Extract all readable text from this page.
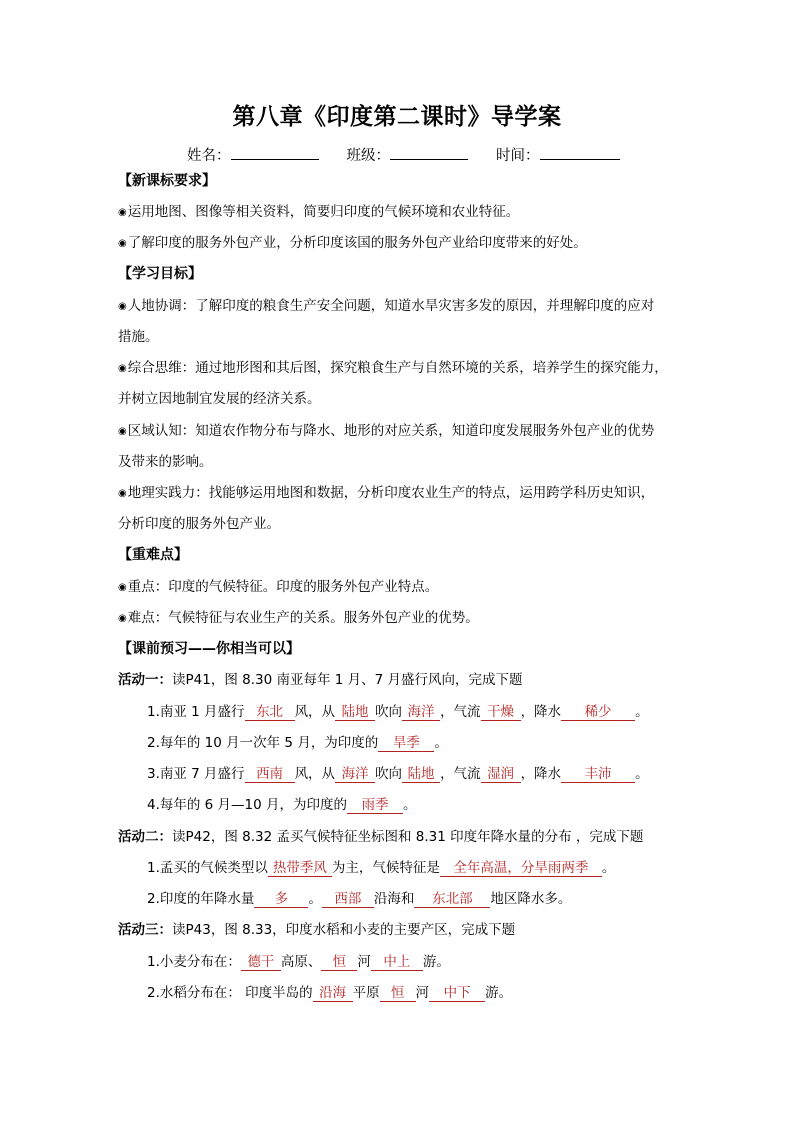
第八章《印度第二课时》导学案
姓名：	班级：	时间：
【新课标要求】
◉运用地图、图像等相关资料，简要归印度的气候环境和农业特征。
◉了解印度的服务外包产业，分析印度该国的服务外包产业给印度带来的好处。
【学习目标】
◉人地协调：了解印度的粮食生产安全问题，知道水旱灾害多发的原因，并理解印度的应对
措施。
◉综合思维：通过地形图和其后图，探究粮食生产与自然环境的关系，培养学生的探究能力，
并树立因地制宜发展的经济关系。
◉区域认知：知道农作物分布与降水、地形的对应关系，知道印度发展服务外包产业的优势
及带来的影响。
◉地理实践力：找能够运用地图和数据，分析印度农业生产的特点，运用跨学科历史知识，
分析印度的服务外包产业。
【重难点】
◉重点：印度的气候特征。印度的服务外包产业特点。
◉难点：气候特征与农业生产的关系。服务外包产业的优势。
【课前预习——你相当可以】
活动一：读P41，图 8.30 南亚每年 1 月、7 月盛行风向，完成下题
1.南亚 1 月盛行 东北 风，从 陆地 吹向 海洋 ，气流 干燥 ，降水 稀少 。
2.每年的 10 月一次年 5 月，为印度的 旱季 。
3.南亚 7 月盛行 西南 风，从 海洋 吹向 陆地 ，气流 湿润 ，降水 丰沛 。
4.每年的 6 月—10 月，为印度的 雨季 。
活动二：读P42，图 8.32 孟买气候特征坐标图和 8.31 印度年降水量的分布 ，完成下题
1.孟买的气候类型以 热带季风 为主，气候特征是 全年高温，分旱雨两季 。
2.印度的年降水量 多 。 西部 沿海和 东北部 地区降水多。
活动三：读P43，图 8.33，印度水稻和小麦的主要产区，完成下题
1.小麦分布在： 德干 高原、 恒 河 中上 游。
2.水稻分布在： 印度半岛的 沿海 平原 恒 河 中下 游。
